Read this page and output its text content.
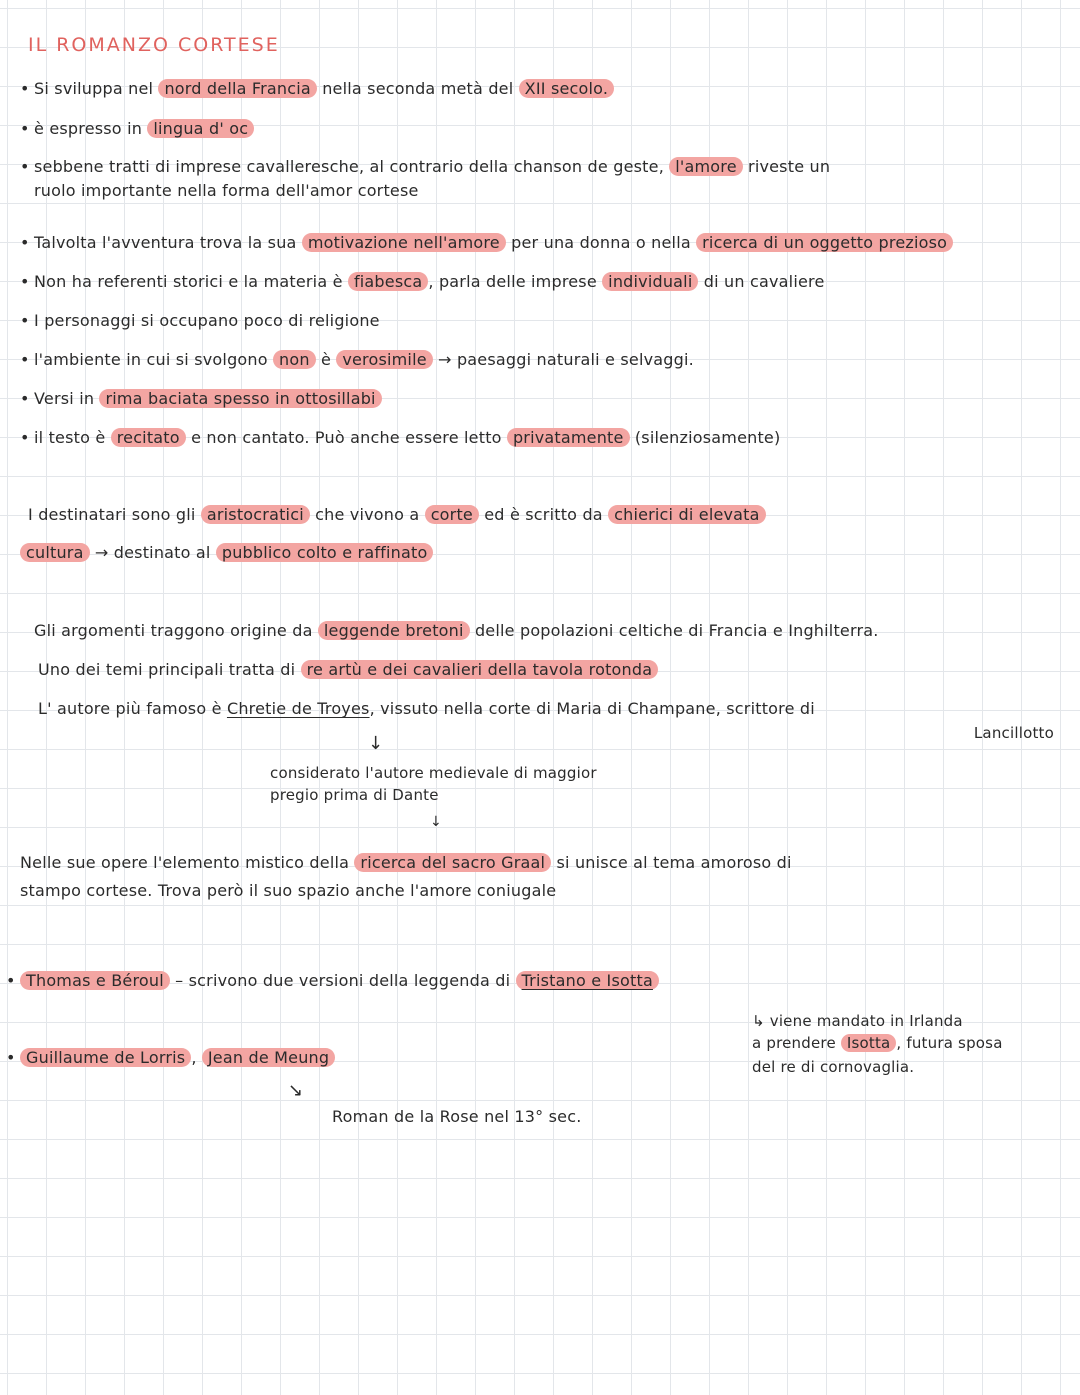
IL ROMANZO CORTESE
• Si sviluppa nel nord della Francia nella seconda metà del XII secolo.
• è espresso in lingua d' oc
• sebbene tratti di imprese cavalleresche, al contrario della chanson de geste, l'amore riveste un
ruolo importante nella forma dell'amor cortese
• Talvolta l'avventura trova la sua motivazione nell'amore per una donna o nella ricerca di un oggetto prezioso
• Non ha referenti storici e la materia è fiabesca , parla delle imprese individuali di un cavaliere
• I personaggi si occupano poco di religione
• l'ambiente in cui si svolgono non è verosimile → paesaggi naturali e selvaggi.
• Versi in rima baciata spesso in ottosillabi
• il testo è recitato e non cantato. Può anche essere letto privatamente (silenziosamente)
I destinatari sono gli aristocratici che vivono a corte ed è scritto da chierici di elevata
cultura → destinato al pubblico colto e raffinato
Gli argomenti traggono origine da leggende bretoni delle popolazioni celtiche di Francia e Inghilterra.
Uno dei temi principali tratta di re artù e dei cavalieri della tavola rotonda
L' autore più famoso è Chretie de Troyes, vissuto nella corte di Maria di Champane, scrittore di
Lancillotto
↓
considerato l'autore medievale di maggior
pregio prima di Dante
↓
Nelle sue opere l'elemento mistico della ricerca del sacro Graal si unisce al tema amoroso di
stampo cortese. Trova però il suo spazio anche l'amore coniugale
• Thomas e Béroul – scrivono due versioni della leggenda di Tristano e Isotta
↳ viene mandato in Irlanda
a prendere Isotta , futura sposa
del re di cornovaglia.
• Guillaume de Lorris , Jean de Meung
↘
Roman de la Rose nel 13° sec.
